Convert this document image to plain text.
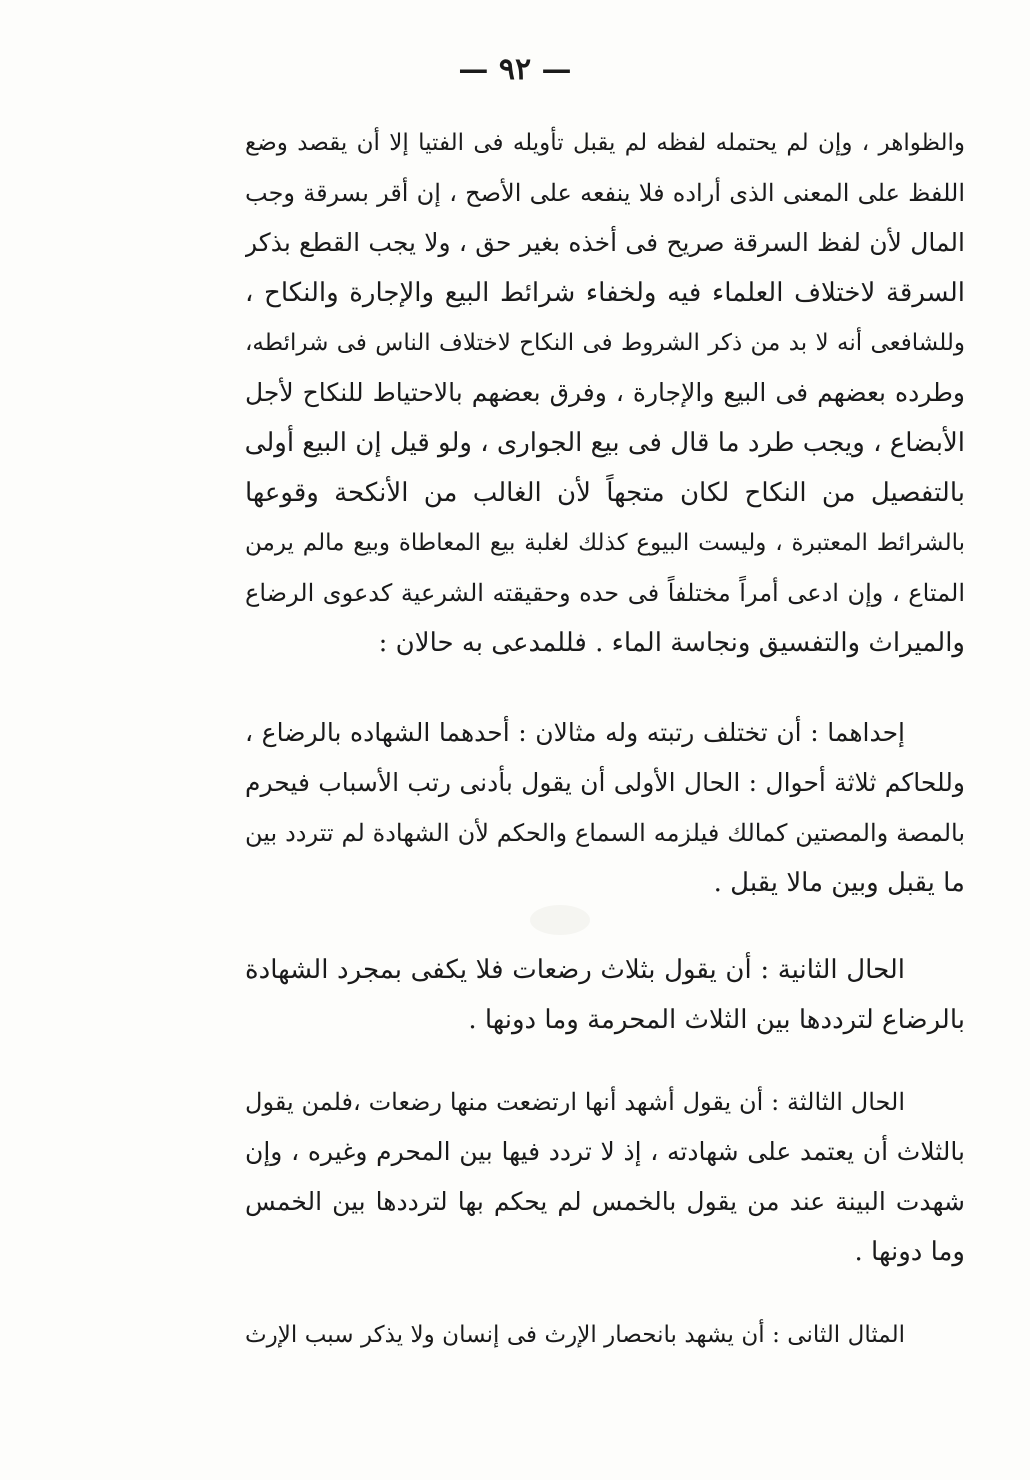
— ٩٢ —
والظواهر ، وإن لم يحتمله لفظه لم يقبل تأويله فى الفتيا إلا أن يقصد وضع
اللفظ على المعنى الذى أراده فلا ينفعه على الأصح ، إن أقر بسرقة وجب
المال لأن لفظ السرقة صريح فى أخذه بغير حق ، ولا يجب القطع بذكر
السرقة لاختلاف العلماء فيه ولخفاء شرائط البيع والإجارة والنكاح ،
وللشافعى أنه لا بد من ذكر الشروط فى النكاح لاختلاف الناس فى شرائطه،
وطرده بعضهم فى البيع والإجارة ، وفرق بعضهم بالاحتياط للنكاح لأجل
الأبضاع ، ويجب طرد ما قال فى بيع الجوارى ، ولو قيل إن البيع أولى
بالتفصيل من النكاح لكان متجهاً لأن الغالب من الأنكحة وقوعها
بالشرائط المعتبرة ، وليست البيوع كذلك لغلبة بيع المعاطاة وبيع مالم يرمن
المتاع ، وإن ادعى أمراً مختلفاً فى حده وحقيقته الشرعية كدعوى الرضاع
والميراث والتفسيق ونجاسة الماء . فللمدعى به حالان :
إحداهما : أن تختلف رتبته وله مثالان : أحدهما الشهاده بالرضاع ،
وللحاكم ثلاثة أحوال : الحال الأولى أن يقول بأدنى رتب الأسباب فيحرم
بالمصة والمصتين كمالك فيلزمه السماع والحكم لأن الشهادة لم تتردد بين
ما يقبل وبين مالا يقبل .
الحال الثانية : أن يقول بثلاث رضعات فلا يكفى بمجرد الشهادة
بالرضاع لترددها بين الثلاث المحرمة وما دونها .
الحال الثالثة : أن يقول أشهد أنها ارتضعت منها رضعات ،فلمن يقول
بالثلاث أن يعتمد على شهادته ، إذ لا تردد فيها بين المحرم وغيره ، وإن
شهدت البينة عند من يقول بالخمس لم يحكم بها لترددها بين الخمس
وما دونها .
المثال الثانى : أن يشهد بانحصار الإرث فى إنسان ولا يذكر سبب الإرث
